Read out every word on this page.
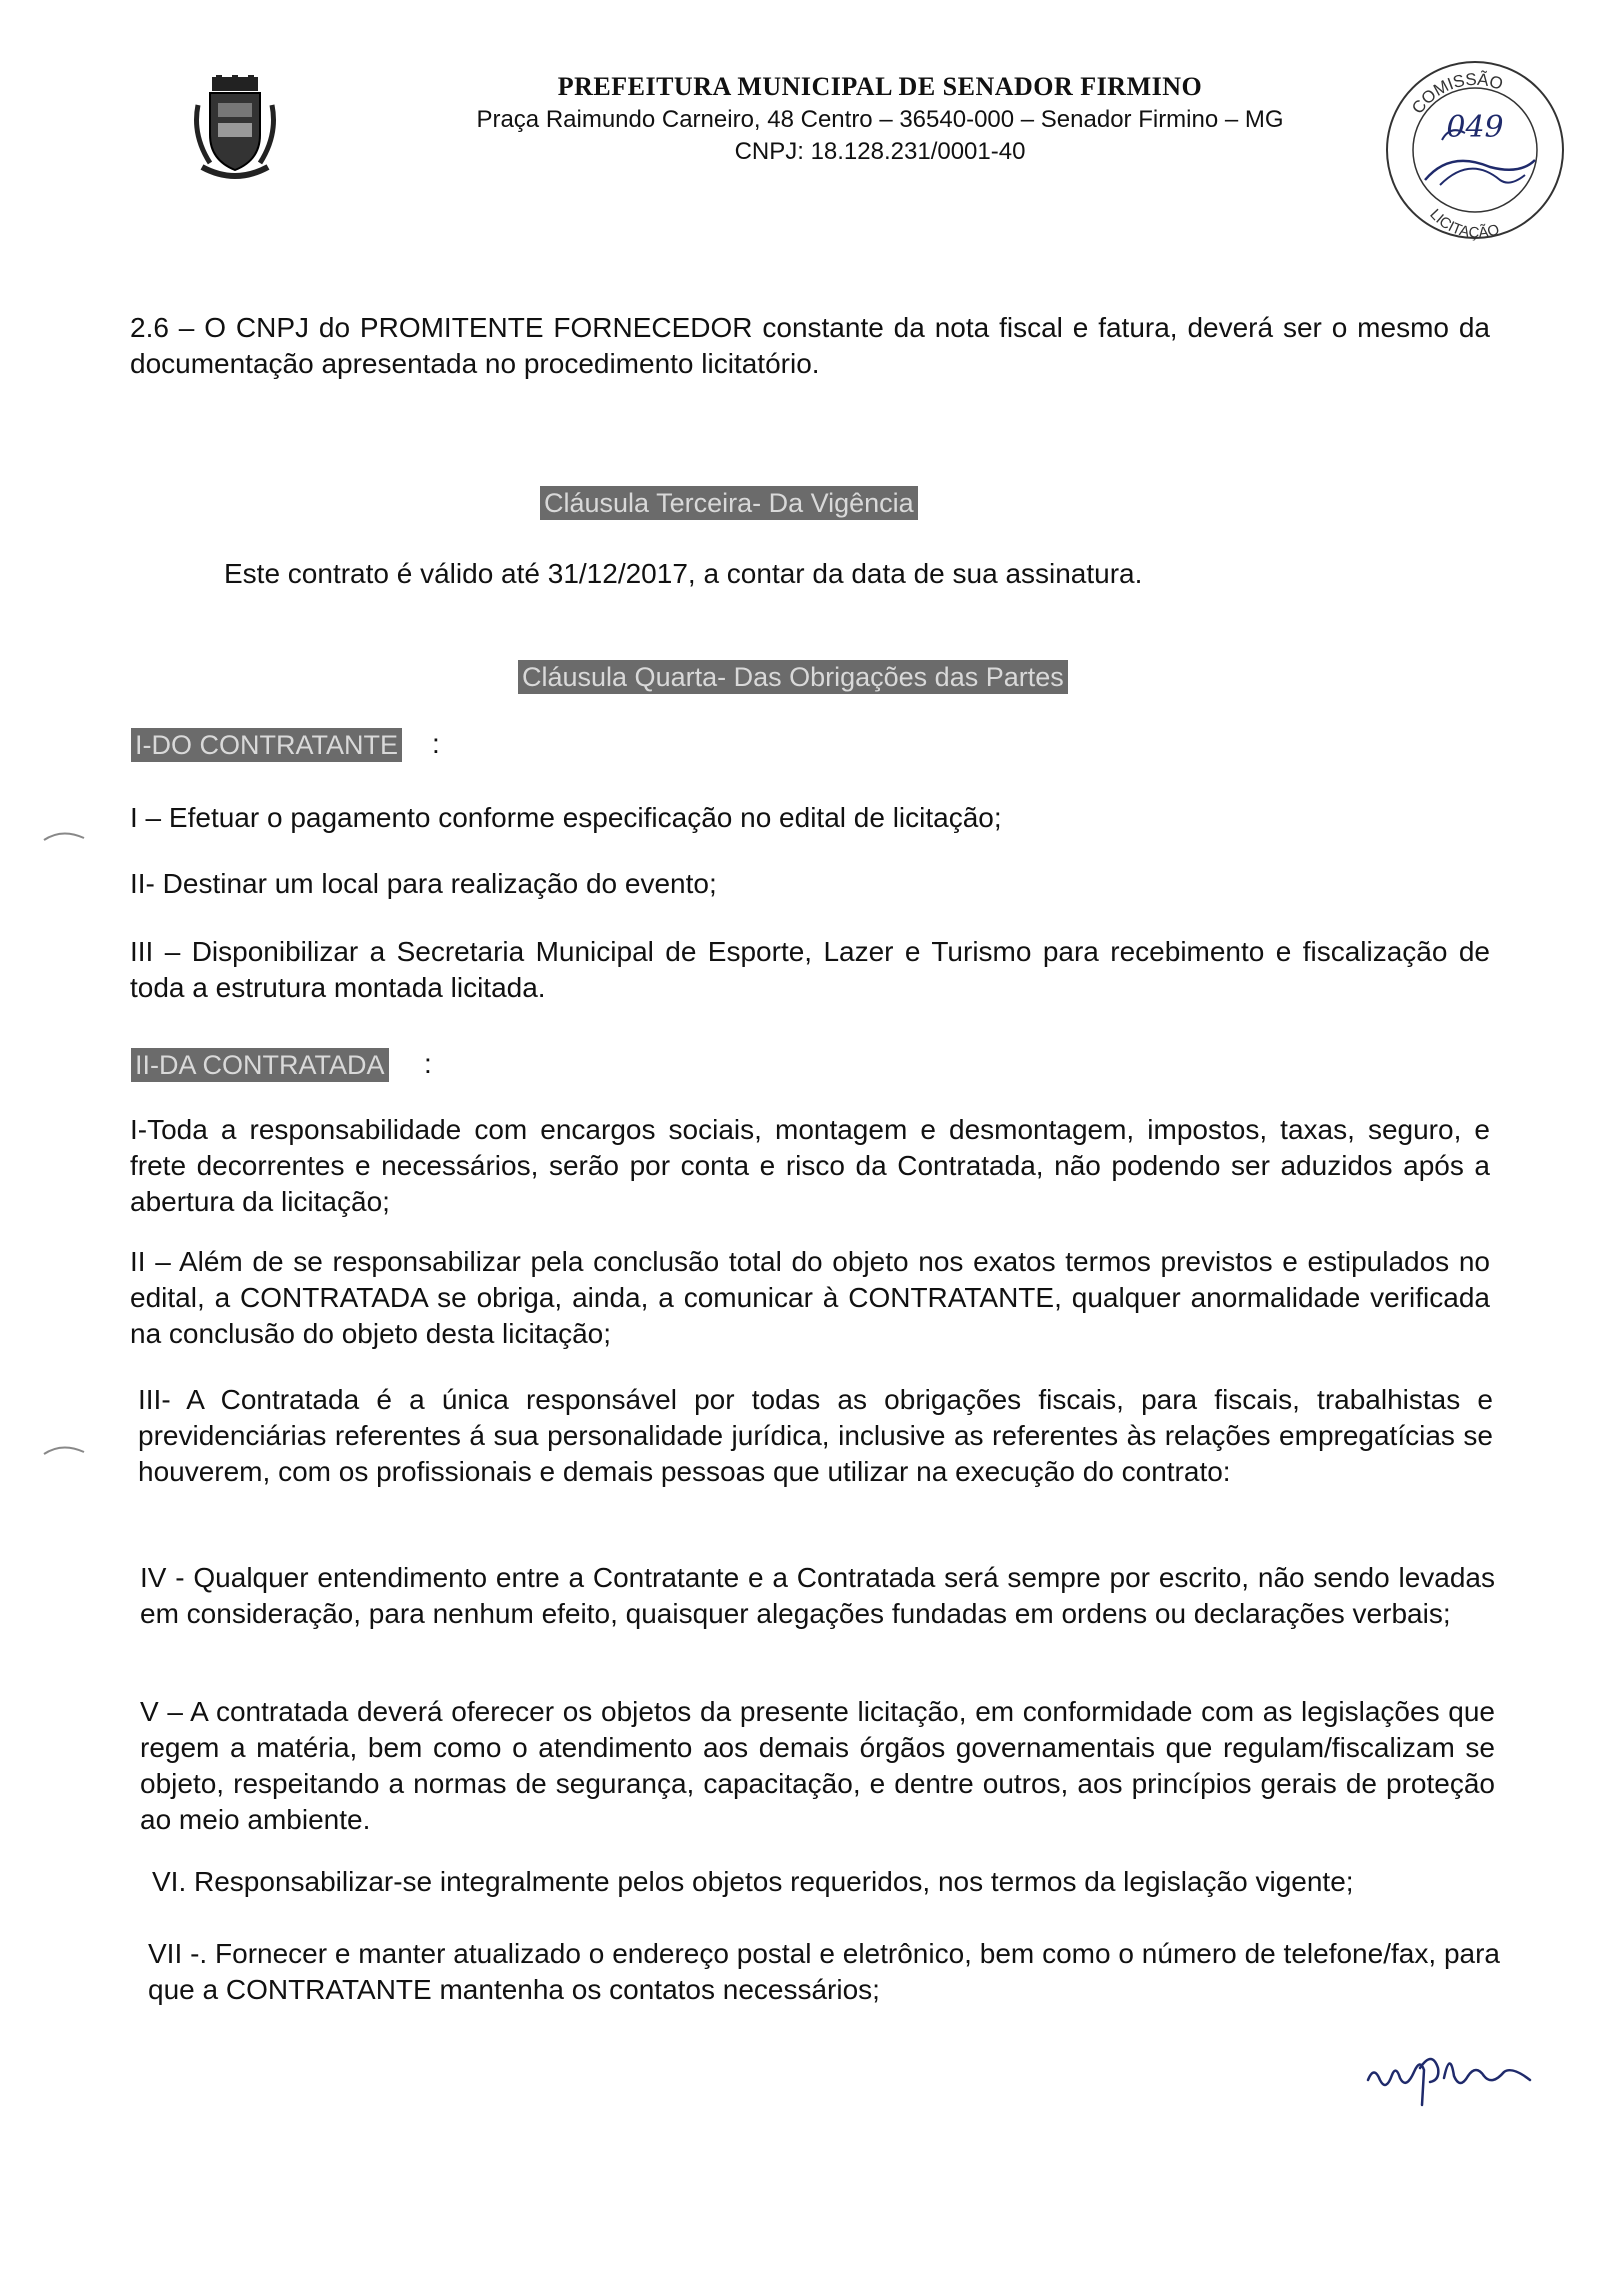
PREFEITURA MUNICIPAL DE SENADOR FIRMINO
Praça Raimundo Carneiro, 48 Centro – 36540-000 – Senador Firmino – MG
CNPJ: 18.128.231/0001-40
COMISSÃO
LICITAÇÃO
049
2.6 – O CNPJ do PROMITENTE FORNECEDOR constante da nota fiscal e fatura, deverá ser o mesmo da documentação apresentada no procedimento licitatório.
Cláusula Terceira- Da Vigência
Este contrato é válido até 31/12/2017, a contar da data de sua assinatura.
Cláusula Quarta- Das Obrigações das Partes
I-DO CONTRATANTE :
I – Efetuar o pagamento conforme especificação no edital de licitação;
II- Destinar um local para realização do evento;
III – Disponibilizar a Secretaria Municipal de Esporte, Lazer e Turismo para recebimento e fiscalização de toda a estrutura montada licitada.
II-DA CONTRATADA :
I-Toda a responsabilidade com encargos sociais, montagem e desmontagem, impostos, taxas, seguro, e frete decorrentes e necessários, serão por conta e risco da Contratada, não podendo ser aduzidos após a abertura da licitação;
II – Além de se responsabilizar pela conclusão total do objeto nos exatos termos previstos e estipulados no edital, a CONTRATADA se obriga, ainda, a comunicar à CONTRATANTE, qualquer anormalidade verificada na conclusão do objeto desta licitação;
III- A Contratada é a única responsável por todas as obrigações fiscais, para fiscais, trabalhistas e previdenciárias referentes á sua personalidade jurídica, inclusive as referentes às relações empregatícias se houverem, com os profissionais e demais pessoas que utilizar na execução do contrato:
IV - Qualquer entendimento entre a Contratante e a Contratada será sempre por escrito, não sendo levadas em consideração, para nenhum efeito, quaisquer alegações fundadas em ordens ou declarações verbais;
V – A contratada deverá oferecer os objetos da presente licitação, em conformidade com as legislações que regem a matéria, bem como o atendimento aos demais órgãos governamentais que regulam/fiscalizam se objeto, respeitando a normas de segurança, capacitação, e dentre outros, aos princípios gerais de proteção ao meio ambiente.
VI. Responsabilizar-se integralmente pelos objetos requeridos, nos termos da legislação vigente;
VII -. Fornecer e manter atualizado o endereço postal e eletrônico, bem como o número de telefone/fax, para que a CONTRATANTE mantenha os contatos necessários;
